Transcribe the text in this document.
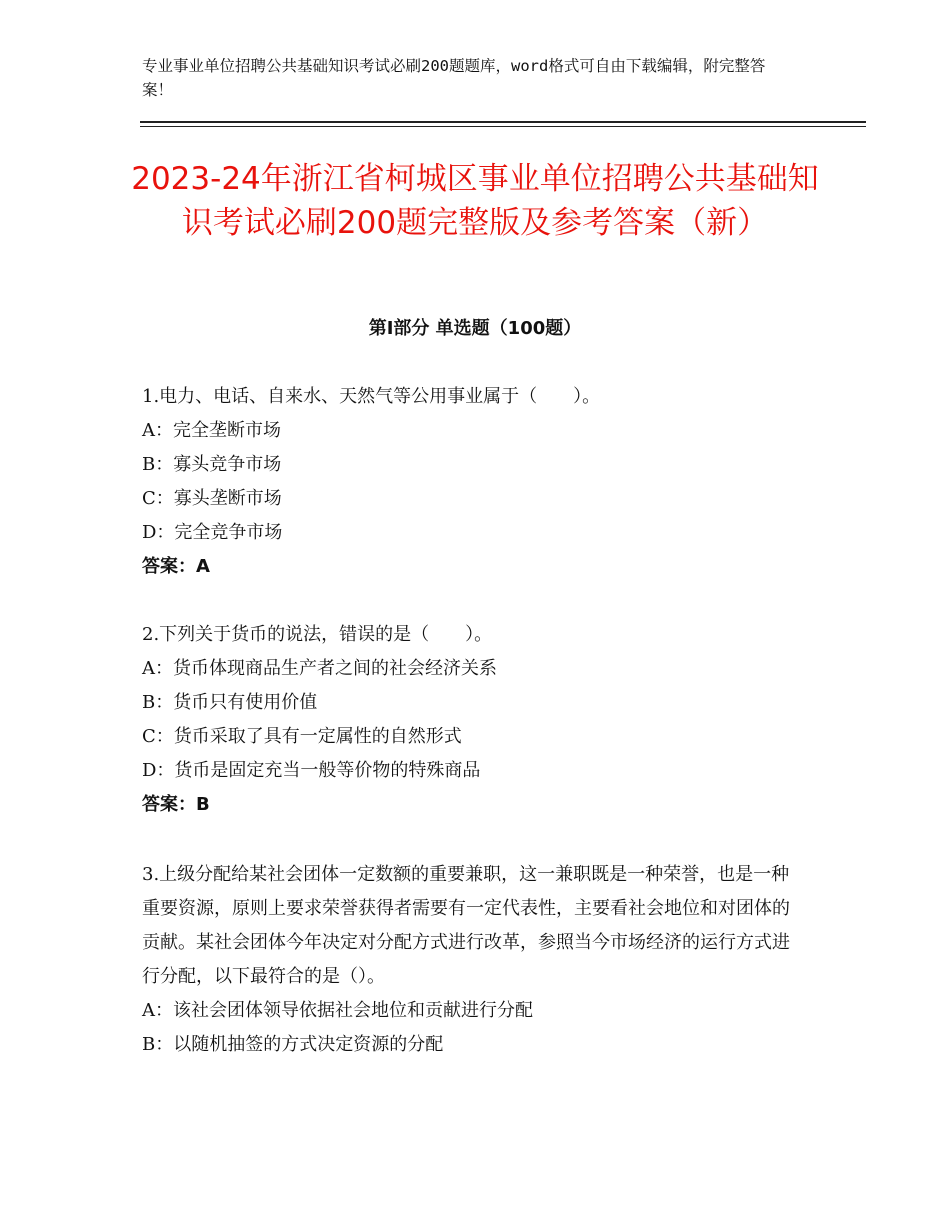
专业事业单位招聘公共基础知识考试必刷200题题库，word格式可自由下载编辑，附完整答案！
2023-24年浙江省柯城区事业单位招聘公共基础知识考试必刷200题完整版及参考答案（新）
第Ⅰ部分 单选题（100题）
1.电力、电话、自来水、天然气等公用事业属于（　　）。
A：完全垄断市场
B：寡头竞争市场
C：寡头垄断市场
D：完全竞争市场
答案：A
2.下列关于货币的说法，错误的是（　　）。
A：货币体现商品生产者之间的社会经济关系
B：货币只有使用价值
C：货币采取了具有一定属性的自然形式
D：货币是固定充当一般等价物的特殊商品
答案：B
3.上级分配给某社会团体一定数额的重要兼职，这一兼职既是一种荣誉，也是一种重要资源，原则上要求荣誉获得者需要有一定代表性，主要看社会地位和对团体的贡献。某社会团体今年决定对分配方式进行改革，参照当今市场经济的运行方式进行分配，以下最符合的是（）。
A：该社会团体领导依据社会地位和贡献进行分配
B：以随机抽签的方式决定资源的分配
